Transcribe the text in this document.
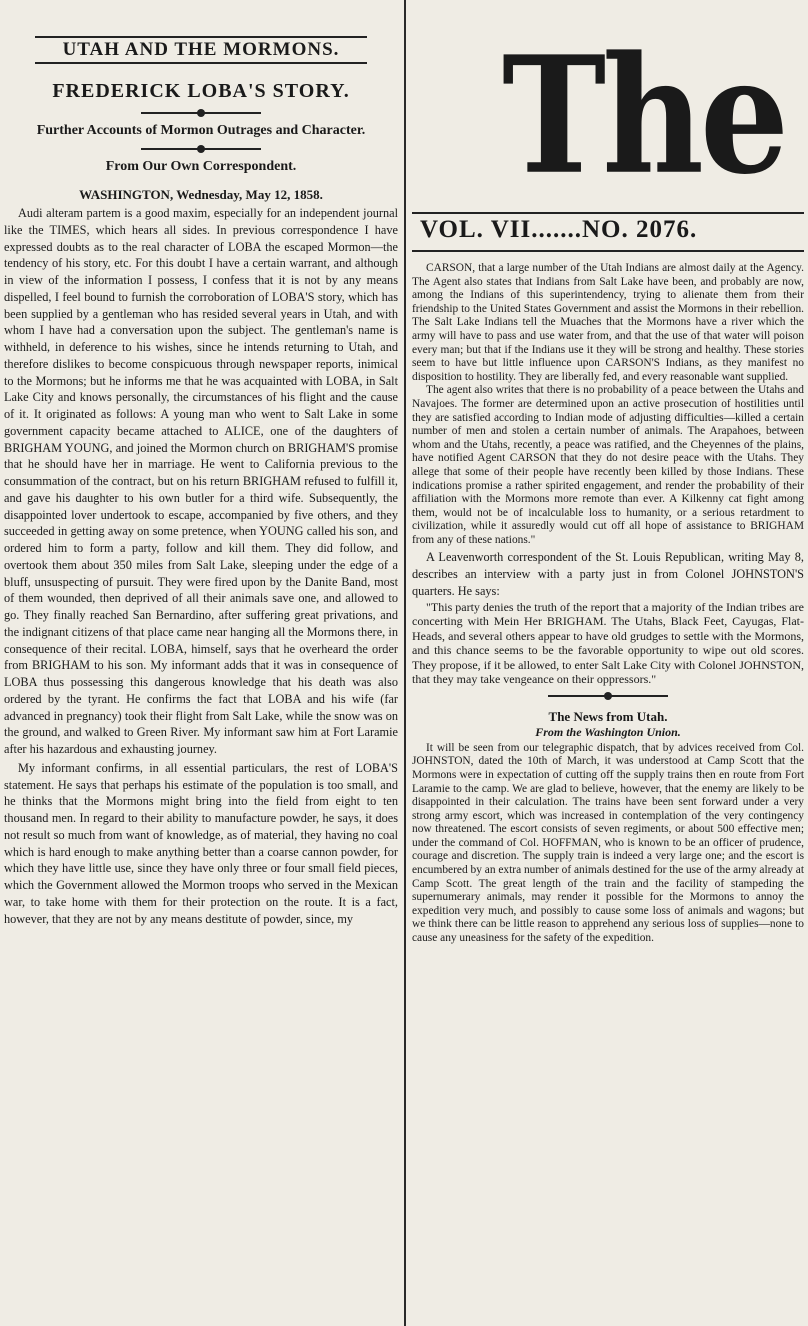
UTAH AND THE MORMONS.
FREDERICK LOBA'S STORY.
Further Accounts of Mormon Outrages and Character.
From Our Own Correspondent.
WASHINGTON, Wednesday, May 12, 1858.

Audi alteram partem is a good maxim, especially for an independent journal like the TIMES, which hears all sides. In previous correspondence I have expressed doubts as to the real character of LOBA the escaped Mormon—the tendency of his story, etc. For this doubt I have a certain warrant, and although in view of the information I possess, I confess that it is not by any means dispelled, I feel bound to furnish the corroboration of LOBA'S story, which has been supplied by a gentleman who has resided several years in Utah, and with whom I have had a conversation upon the subject. The gentleman's name is withheld, in deference to his wishes, since he intends returning to Utah, and therefore dislikes to become conspicuous through newspaper reports, inimical to the Mormons; but he informs me that he was acquainted with LOBA, in Salt Lake City and knows personally, the circumstances of his flight and the cause of it. It originated as follows: A young man who went to Salt Lake in some government capacity became attached to ALICE, one of the daughters of BRIGHAM YOUNG, and joined the Mormon church on BRIGHAM'S promise that he should have her in marriage. He went to California previous to the consummation of the contract, but on his return BRIGHAM refused to fulfill it, and gave his daughter to his own butler for a third wife. Subsequently, the disappointed lover undertook to escape, accompanied by five others, and they succeeded in getting away on some pretence, when YOUNG called his son, and ordered him to form a party, follow and kill them. They did follow, and overtook them about 350 miles from Salt Lake, sleeping under the edge of a bluff, unsuspecting of pursuit. They were fired upon by the Danite Band, most of them wounded, then deprived of all their animals save one, and allowed to go. They finally reached San Bernardino, after suffering great privations, and the indignant citizens of that place came near hanging all the Mormons there, in consequence of their recital. LOBA, himself, says that he overheard the order from BRIGHAM to his son. My informant adds that it was in consequence of LOBA thus possessing this dangerous knowledge that his death was also ordered by the tyrant. He confirms the fact that LOBA and his wife (far advanced in pregnancy) took their flight from Salt Lake, while the snow was on the ground, and walked to Green River. My informant saw him at Fort Laramie after his hazardous and exhausting journey.

My informant confirms, in all essential particulars, the rest of LOBA'S statement. He says that perhaps his estimate of the population is too small, and he thinks that the Mormons might bring into the field from eight to ten thousand men. In regard to their ability to manufacture powder, he says, it does not result so much from want of knowledge, as of material, they having no coal which is hard enough to make anything better than a coarse cannon powder, for which they have little use, since they have only three or four small field pieces, which the Government allowed the Mormon troops who served in the Mexican war, to take home with them for their protection on the route. It is a fact, however, that they are not by any means destitute of powder, since, my

The
VOL. VII.......NO. 2076.

CARSON, that a large number of the Utah Indians are almost daily at the Agency. The Agent also states that Indians from Salt Lake have been, and probably are now, among the Indians of this superintendency, trying to alienate them from their friendship to the United States Government and assist the Mormons in their rebellion. The Salt Lake Indians tell the Muaches that the Mormons have a river which the army will have to pass and use water from, and that the use of that water will poison every man; but that if the Indians use it they will be strong and healthy. These stories seem to have but little influence upon CARSON'S Indians, as they manifest no disposition to hostility. They are liberally fed, and every reasonable want supplied.

The agent also writes that there is no probability of a peace between the Utahs and Navajoes. The former are determined upon an active prosecution of hostilities until they are satisfied according to Indian mode of adjusting difficulties—killed a certain number of men and stolen a certain number of animals. The Arapahoes, between whom and the Utahs, recently, a peace was ratified, and the Cheyennes of the plains, have notified Agent CARSON that they do not desire peace with the Utahs. They allege that some of their people have recently been killed by those Indians. These indications promise a rather spirited engagement, and render the probability of their affiliation with the Mormons more remote than ever. A Kilkenny cat fight among them, would not be of incalculable loss to humanity, or a serious retardment to civilization, while it assuredly would cut off all hope of assistance to BRIGHAM from any of these nations."

A Leavenworth correspondent of the St. Louis Republican, writing May 8, describes an interview with a party just in from Colonel JOHNSTON'S quarters. He says:

"This party denies the truth of the report that a majority of the Indian tribes are concerting with Mein Her BRIGHAM. The Utahs, Black Feet, Cayugas, Flat-Heads, and several others appear to have old grudges to settle with the Mormons, and this chance seems to be the favorable opportunity to wipe out old scores. They propose, if it be allowed, to enter Salt Lake City with Colonel JOHNSTON, that they may take vengeance on their oppressors."

The News from Utah.
From the Washington Union.

It will be seen from our telegraphic dispatch, that by advices received from Col. JOHNSTON, dated the 10th of March, it was understood at Camp Scott that the Mormons were in expectation of cutting off the supply trains then en route from Fort Laramie to the camp. We are glad to believe, however, that the enemy are likely to be disappointed in their calculation. The trains have been sent forward under a very strong army escort, which was increased in contemplation of the very contingency now threatened. The escort consists of seven regiments, or about 500 effective men; under the command of Col. HOFFMAN, who is known to be an officer of prudence, courage and discretion. The supply train is indeed a very large one; and the escort is encumbered by an extra number of animals destined for the use of the army already at Camp Scott. The great length of the train and the facility of stampeding the supernumerary animals, may render it possible for the Mormons to annoy the expedition very much, and possibly to cause some loss of animals and wagons; but we think there can be little reason to apprehend any serious loss of supplies—none to cause any uneasiness for the safety of the expedition.
